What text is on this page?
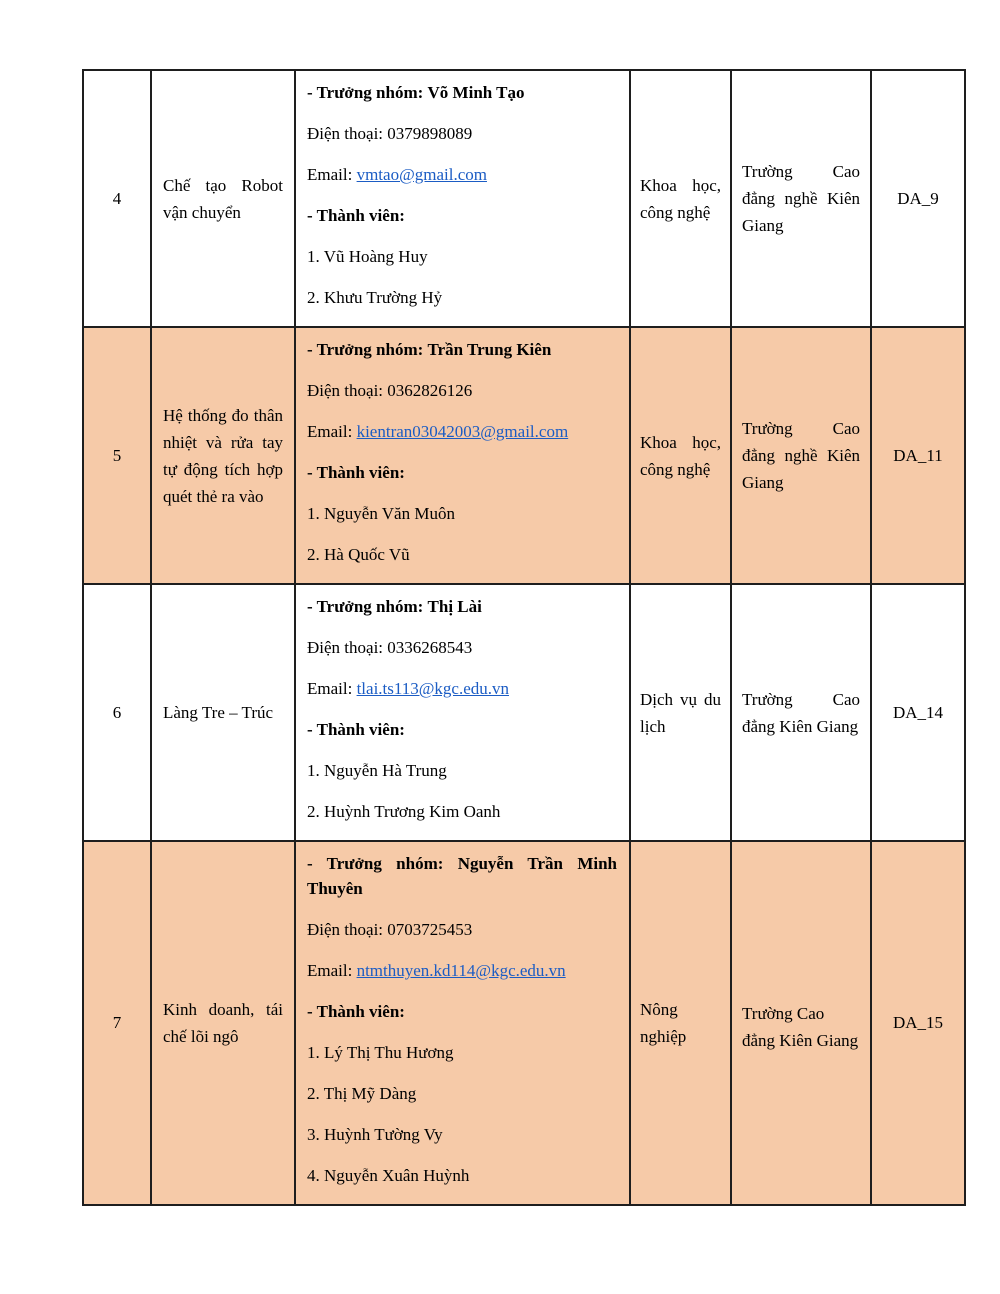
4	Chế tạo Robot vận chuyển	

- Trưởng nhóm: Võ Minh Tạo

Điện thoại: 0379898089

Email: vmtao@gmail.com

- Thành viên:

1. Vũ Hoàng Huy

2. Khưu Trường Hỷ

	Khoa học, công nghệ	Trường Cao đẳng nghề Kiên Giang	DA_9
5	Hệ thống đo thân nhiệt và rửa tay tự động tích hợp quét thẻ ra vào	

- Trưởng nhóm: Trần Trung Kiên

Điện thoại: 0362826126

Email: kientran03042003@gmail.com

- Thành viên:

1. Nguyễn Văn Muôn

2. Hà Quốc Vũ

	Khoa học, công nghệ	Trường Cao đẳng nghề Kiên Giang	DA_11
6	Làng Tre – Trúc	

- Trưởng nhóm: Thị Lài

Điện thoại: 0336268543

Email: tlai.ts113@kgc.edu.vn

- Thành viên:

1. Nguyễn Hà Trung

2. Huỳnh Trương Kim Oanh

	Dịch vụ du lịch	Trường Cao đẳng Kiên Giang	DA_14
7	Kinh doanh, tái chế lõi ngô	

- Trưởng nhóm: Nguyễn Trần Minh Thuyên

Điện thoại: 0703725453

Email: ntmthuyen.kd114@kgc.edu.vn

- Thành viên:

1. Lý Thị Thu Hương

2. Thị Mỹ Dàng

3. Huỳnh Tường Vy

4. Nguyễn Xuân Huỳnh

	Nông nghiệp	Trường Cao đẳng Kiên Giang	DA_15
